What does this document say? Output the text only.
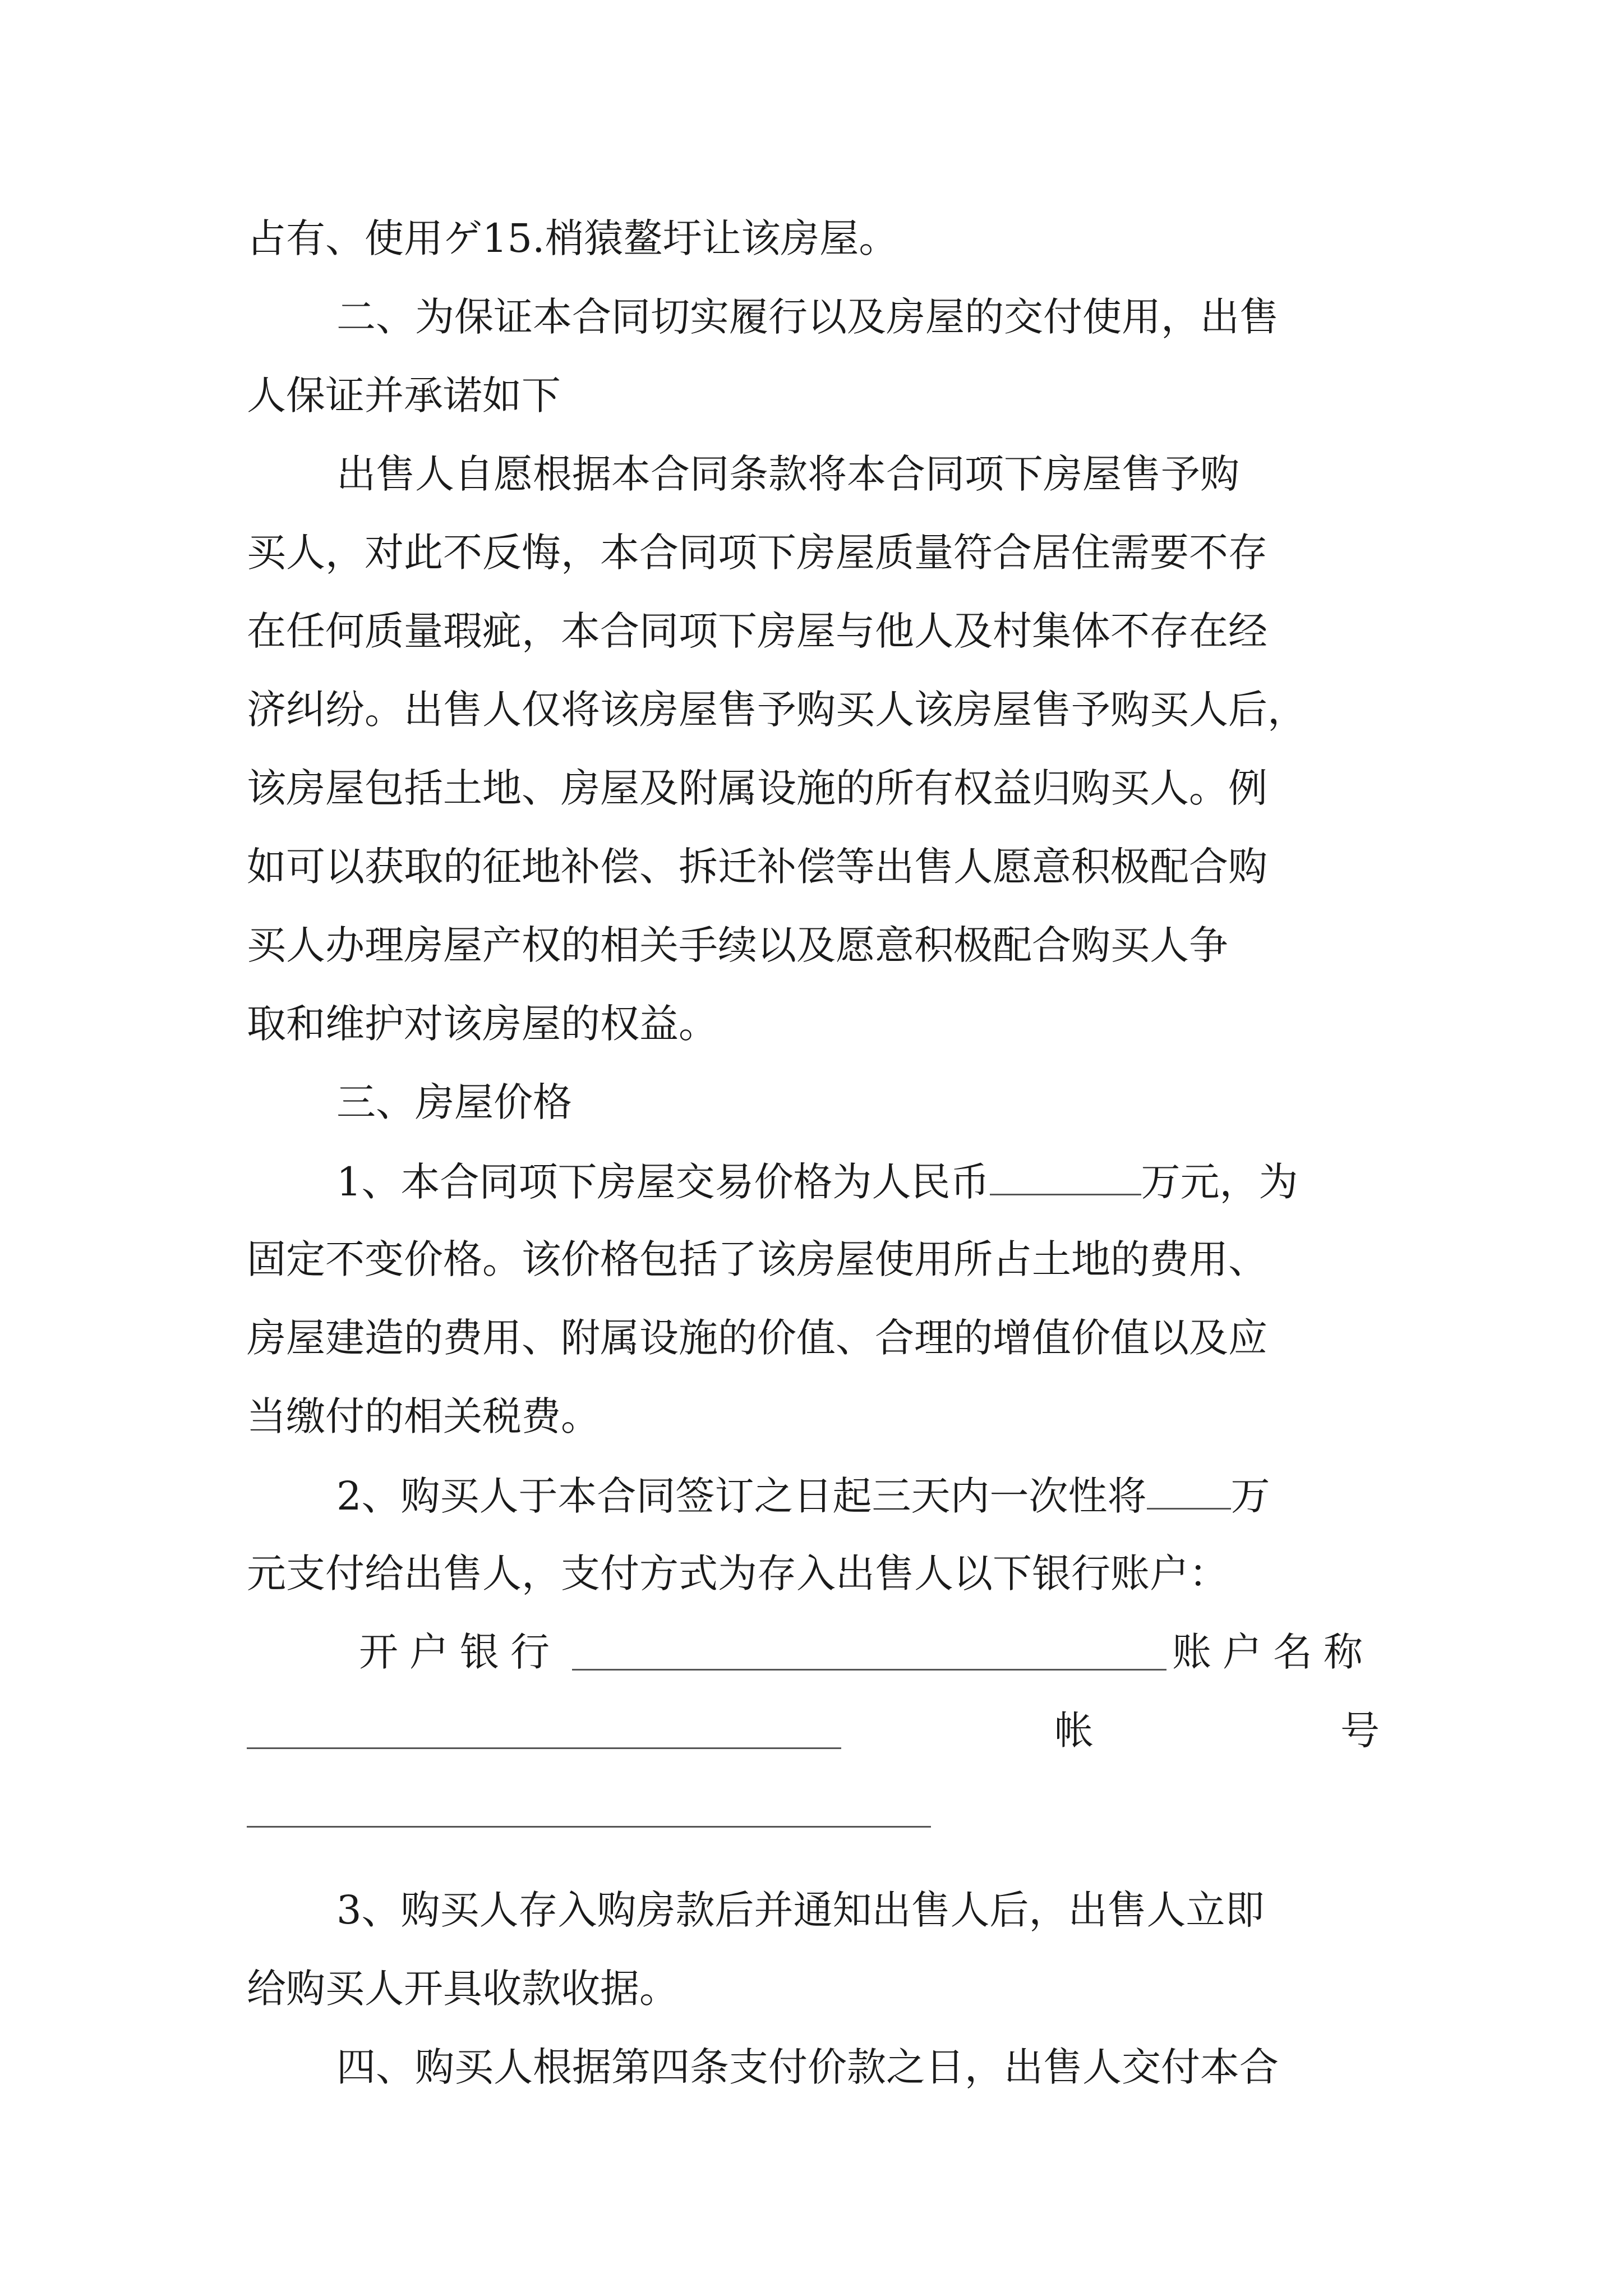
占有、使用ゲ15.梢猿鳌圩让该房屋。
二、为保证本合同切实履行以及房屋的交付使用，出售
人保证并承诺如下
出售人自愿根据本合同条款将本合同项下房屋售予购
买人，对此不反悔，本合同项下房屋质量符合居住需要不存
在任何质量瑕疵，本合同项下房屋与他人及村集体不存在经
济纠纷。出售人仅将该房屋售予购买人该房屋售予购买人后，
该房屋包括土地、房屋及附属设施的所有权益归购买人。例
如可以获取的征地补偿、拆迁补偿等出售人愿意积极配合购
买人办理房屋产权的相关手续以及愿意积极配合购买人争
取和维护对该房屋的权益。
三、房屋价格
1、本合同项下房屋交易价格为人民币	万元，为
固定不变价格。该价格包括了该房屋使用所占土地的费用、
房屋建造的费用、附属设施的价值、合理的增值价值以及应
当缴付的相关税费。
2、购买人于本合同签订之日起三天内一次性将 万
元支付给出售人，支付方式为存入出售人以下银行账户：
开户银行	账户名称
帐	号
3、购买人存入购房款后并通知出售人后，出售人立即
给购买人开具收款收据。
四、购买人根据第四条支付价款之日，出售人交付本合
